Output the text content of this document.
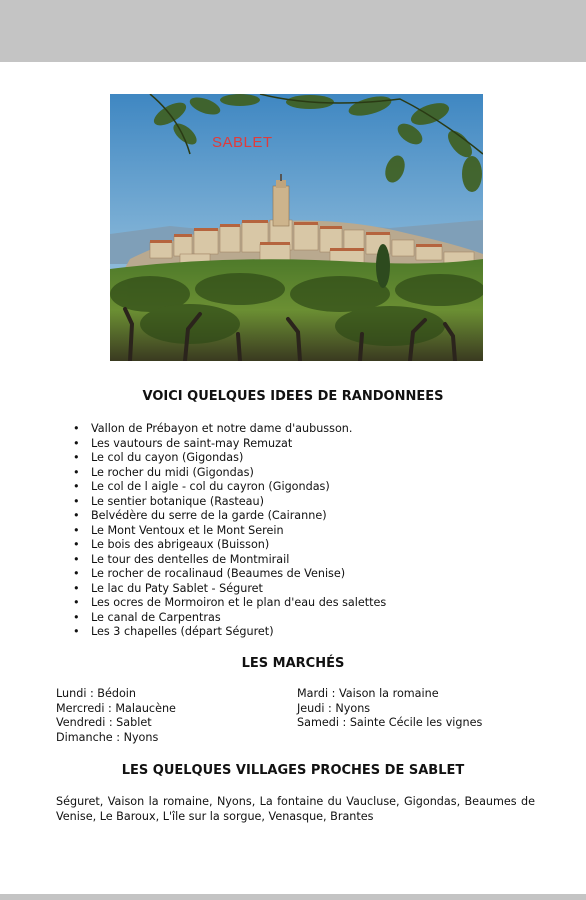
SABLET
VOICI QUELQUES IDEES DE RANDONNEES
• Vallon de Prébayon et notre dame d'aubusson.
• Les vautours de saint-may Remuzat
• Le col du cayon (Gigondas)
• Le rocher du midi (Gigondas)
• Le col de l aigle - col du cayron (Gigondas)
• Le sentier botanique (Rasteau)
• Belvédère du serre de la garde (Cairanne)
• Le Mont Ventoux et le Mont Serein
• Le bois des abrigeaux (Buisson)
• Le tour des dentelles de Montmirail
• Le rocher de rocalinaud (Beaumes de Venise)
• Le lac du Paty Sablet - Séguret
• Les ocres de Mormoiron et le plan d'eau des salettes
• Le canal de Carpentras
• Les 3 chapelles (départ Séguret)
LES MARCHÉS
Lundi : Bédoin	Mardi : Vaison la romaine
Mercredi : Malaucène	Jeudi : Nyons
Vendredi : Sablet	Samedi : Sainte Cécile les vignes
Dimanche : Nyons
LES QUELQUES VILLAGES PROCHES DE SABLET

Séguret, Vaison la romaine, Nyons, La fontaine du Vaucluse, Gigondas, Beaumes de Venise, Le Baroux, L'île sur la sorgue, Venasque, Brantes
